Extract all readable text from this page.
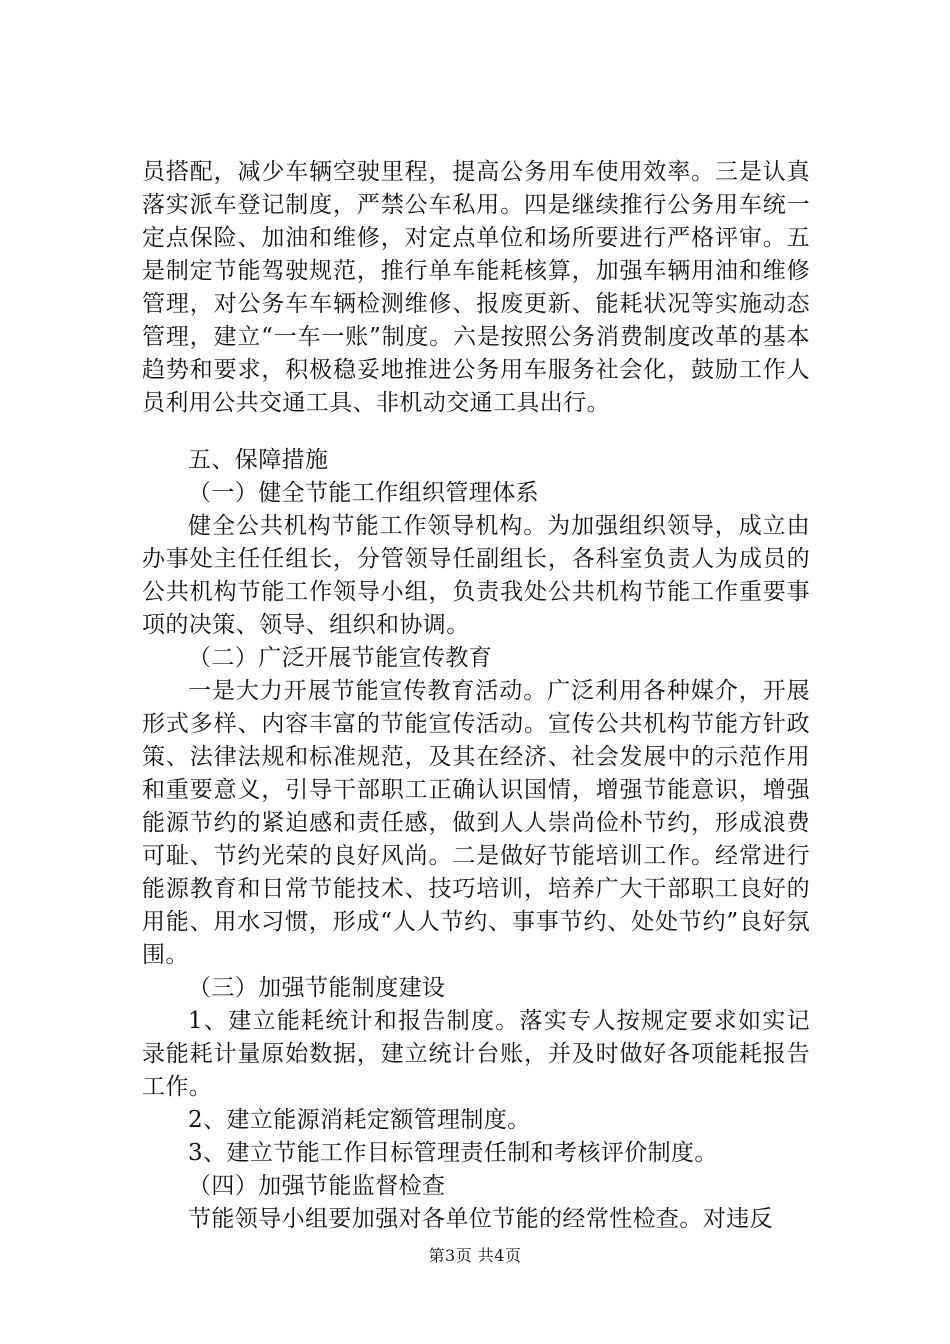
员搭配，减少车辆空驶里程，提高公务用车使用效率。三是认真落实派车登记制度，严禁公车私用。四是继续推行公务用车统一定点保险、加油和维修，对定点单位和场所要进行严格评审。五是制定节能驾驶规范，推行单车能耗核算，加强车辆用油和维修管理，对公务车车辆检测维修、报废更新、能耗状况等实施动态管理，建立“一车一账”制度。六是按照公务消费制度改革的基本趋势和要求，积极稳妥地推进公务用车服务社会化，鼓励工作人员利用公共交通工具、非机动交通工具出行。

五、保障措施

（一）健全节能工作组织管理体系

健全公共机构节能工作领导机构。为加强组织领导，成立由办事处主任任组长，分管领导任副组长，各科室负责人为成员的公共机构节能工作领导小组，负责我处公共机构节能工作重要事项的决策、领导、组织和协调。

（二）广泛开展节能宣传教育

一是大力开展节能宣传教育活动。广泛利用各种媒介，开展形式多样、内容丰富的节能宣传活动。宣传公共机构节能方针政策、法律法规和标准规范，及其在经济、社会发展中的示范作用和重要意义，引导干部职工正确认识国情，增强节能意识，增强能源节约的紧迫感和责任感，做到人人崇尚俭朴节约，形成浪费可耻、节约光荣的良好风尚。二是做好节能培训工作。经常进行能源教育和日常节能技术、技巧培训，培养广大干部职工良好的用能、用水习惯，形成“人人节约、事事节约、处处节约”良好氛围。

（三）加强节能制度建设

1、建立能耗统计和报告制度。落实专人按规定要求如实记录能耗计量原始数据，建立统计台账，并及时做好各项能耗报告工作。

2、建立能源消耗定额管理制度。

3、建立节能工作目标管理责任制和考核评价制度。

（四）加强节能监督检查

节能领导小组要加强对各单位节能的经常性检查。对违反

第3页 共4页
